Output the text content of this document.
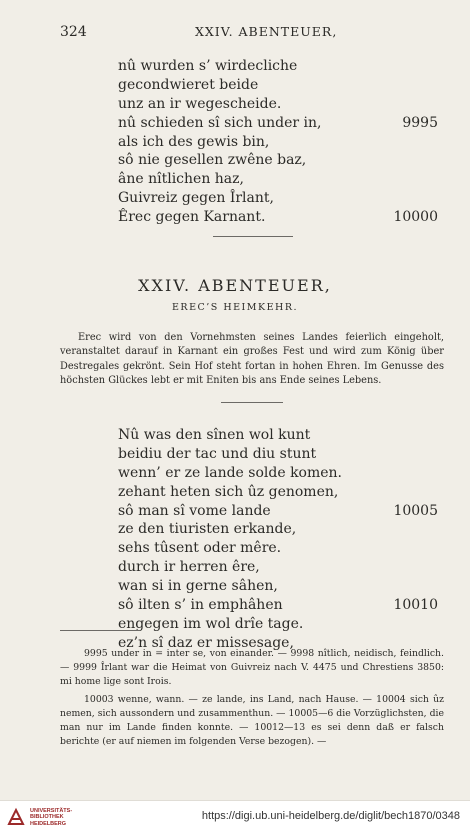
324	XXIV. ABENTEUER,
nû wurden s’ wirdecliche
gecondwieret beide
unz an ir wegescheide.
nû schieden sî sich under in,	9995
als ich des gewis bin,
sô nie gesellen zwêne baz,
âne nîtlichen haz,
Guivreiz gegen Îrlant,
Êrec gegen Karnant.	10000
XXIV. ABENTEUER,
EREC’S HEIMKEHR.
Erec wird von den Vornehmsten seines Landes feierlich eingeholt, veranstaltet darauf in Karnant ein großes Fest und wird zum König über Destregales gekrönt. Sein Hof steht fortan in hohen Ehren. Im Genusse des höchsten Glückes lebt er mit Eniten bis ans Ende seines Lebens.
Nû was den sînen wol kunt
beidiu der tac und diu stunt
wenn’ er ze lande solde komen.
zehant heten sich ûz genomen,
sô man sî vome lande	10005
ze den tiuristen erkande,
sehs tûsent oder mêre.
durch ir herren êre,
wan si in gerne sâhen,
sô ilten s’ in emphâhen	10010
engegen im wol drîe tage.
ez’n sî daz er missesage,

9995 under in = inter se, von einander. — 9998 nîtlich, neidisch, feindlich. — 9999 Îrlant war die Heimat von Guivreiz nach V. 4475 und Chrestiens 3850: mi home lige sont Irois.

10003 wenne, wann. — ze lande, ins Land, nach Hause. — 10004 sich ûz nemen, sich aussondern und zusammenthun. — 10005—6 die Vorzüglichsten, die man nur im Lande finden konnte. — 10012—13 es sei denn daß er falsch berichte (er auf niemen im folgenden Verse bezogen). —

UNIVERSITÄTS-
BIBLIOTHEK
HEIDELBERG
https://digi.ub.uni-heidelberg.de/diglit/bech1870/0348
